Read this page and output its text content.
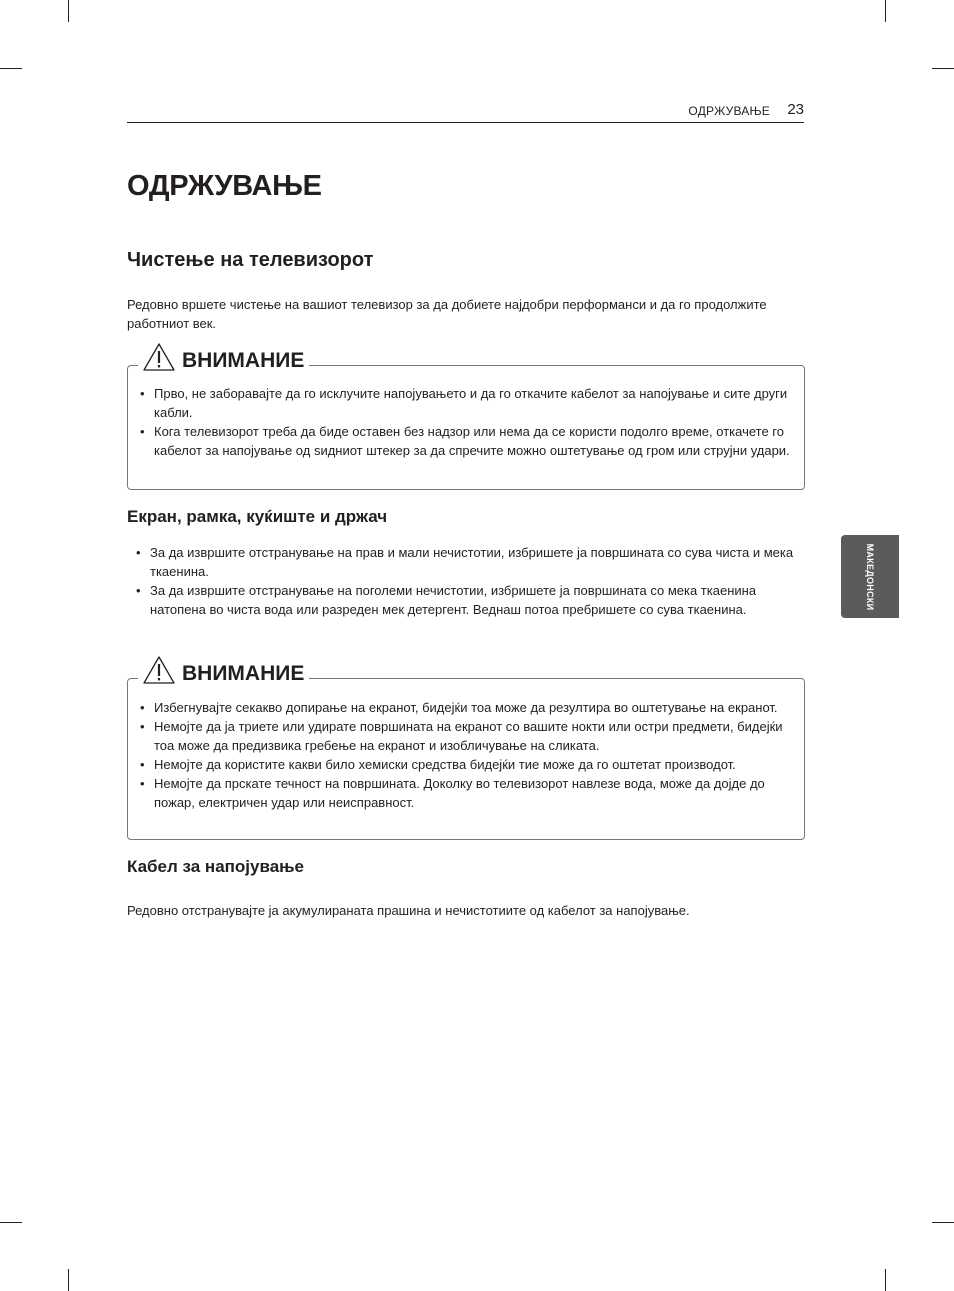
ОДРЖУВАЊЕ 23
МАКЕДОНСКИ
ОДРЖУВАЊЕ
Чистење на телевизорот

Редовно вршете чистење на вашиот телевизор за да добиете најдобри перформанси и да го продолжите работниот век.

ВНИМАНИЕ
• Прво, не заборавајте да го исклучите напојувањето и да го откачите кабелот за напојување и сите други кабли.
• Кога телевизорот треба да биде оставен без надзор или нема да се користи подолго време, откачете го кабелот за напојување од ѕидниот штекер за да спречите можно оштетување од гром или струјни удари.
Екран, рамка, куќиште и држач
• За да извршите отстранување на прав и мали нечистотии, избришете ја површината со сува чиста и мека ткаенина.
• За да извршите отстранување на поголеми нечистотии, избришете ја површината со мека ткаенина натопена во чиста вода или разреден мек детергент. Веднаш потоа пребришете со сува ткаенина.
ВНИМАНИЕ
• Избегнувајте секакво допирање на екранот, бидејќи тоа може да резултира во оштетување на екранот.
• Немојте да ја триете или удирате површината на екранот со вашите нокти или остри предмети, бидејќи тоа може да предизвика гребење на екранот и изобличување на сликата.
• Немојте да користите какви било хемиски средства бидејќи тие може да го оштетат производот.
• Немојте да прскате течност на површината. Доколку во телевизорот навлезе вода, може да дојде до пожар, електричен удар или неисправност.
Кабел за напојување

Редовно отстранувајте ја акумулираната прашина и нечистотиите од кабелот за напојување.
